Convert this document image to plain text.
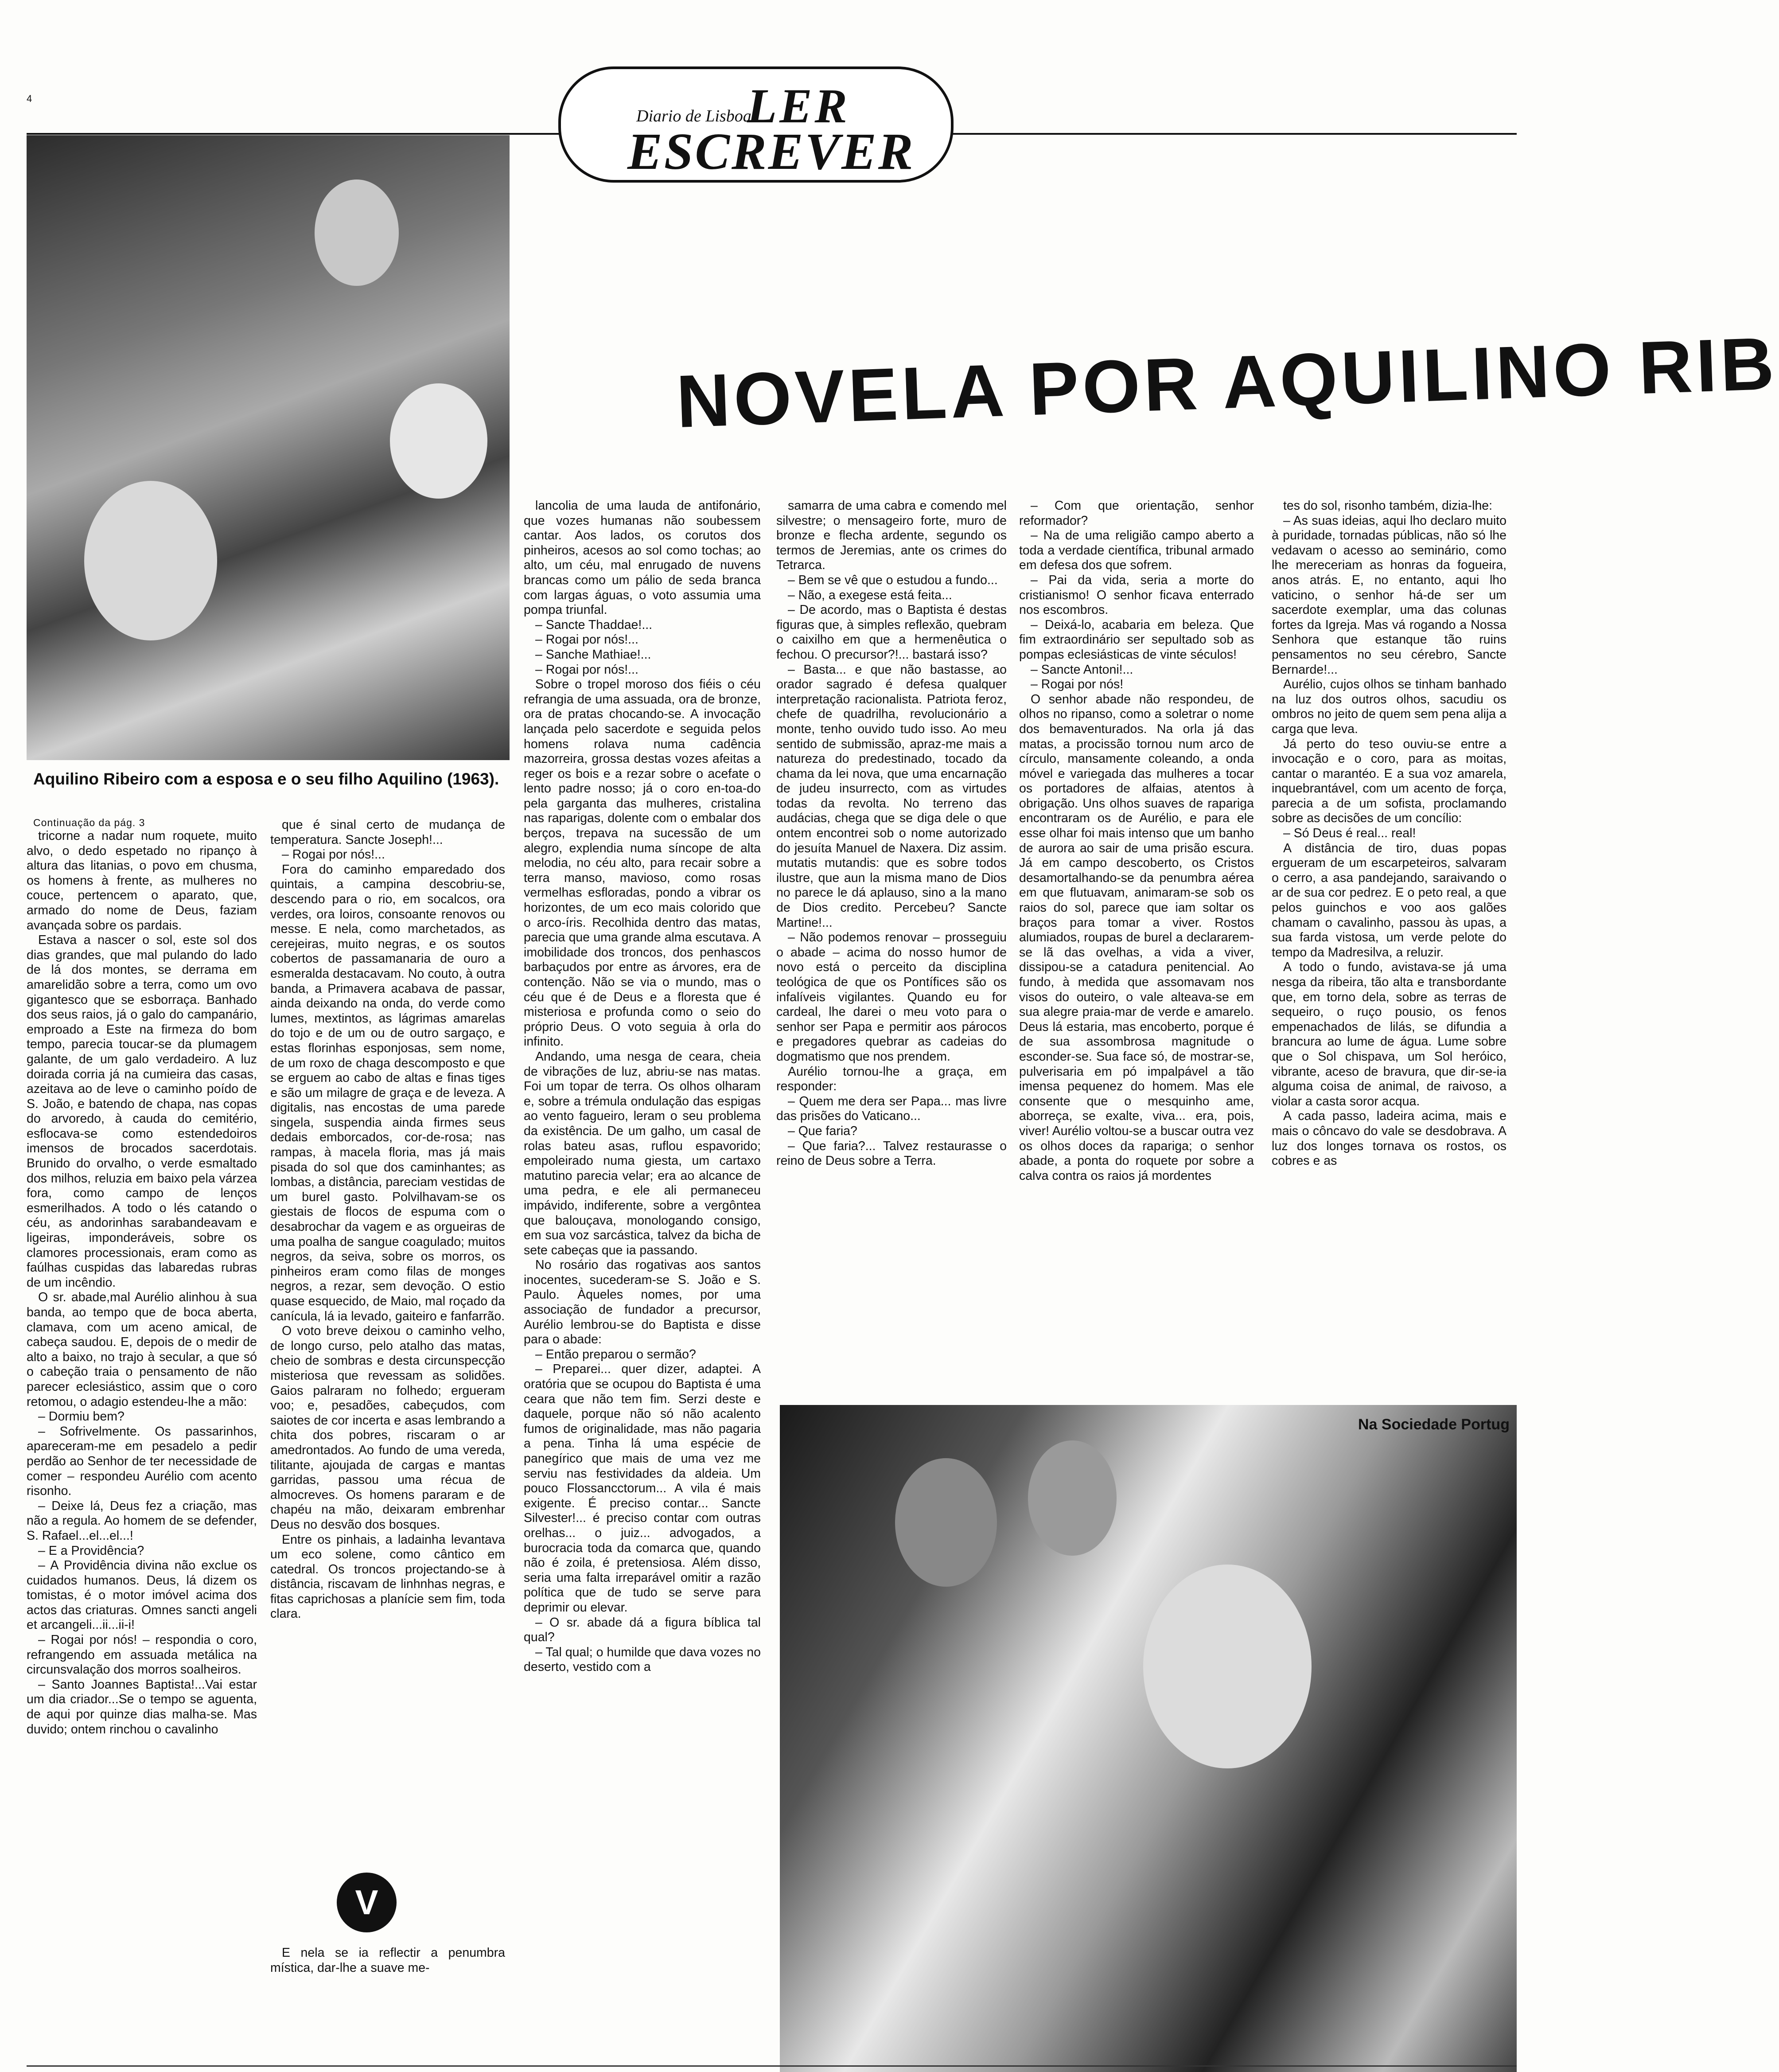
4
Diario de Lisboa
LER
ESCREVER
NOVELA POR AQUILINO RIB
Aquilino Ribeiro com a esposa e o seu filho Aquilino (1963).
Continuação da pág. 3

tricorne a nadar num roquete, muito alvo, o dedo espetado no ripanço à altura das litanias, o povo em chusma, os homens à frente, as mulheres no couce, pertencem o aparato, que, armado do nome de Deus, faziam avançada sobre os pardais.

Estava a nascer o sol, este sol dos dias grandes, que mal pulando do lado de lá dos montes, se derrama em amarelidão sobre a terra, como um ovo gigantesco que se esborraça. Banhado dos seus raios, já o galo do campanário, emproado a Este na firmeza do bom tempo, parecia toucar-se da plumagem galante, de um galo verdadeiro. A luz doirada corria já na cumieira das casas, azeitava ao de leve o caminho poído de S. João, e batendo de chapa, nas copas do arvoredo, à cauda do cemitério, esflocava-se como estendedoiros imensos de brocados sacerdotais. Brunido do orvalho, o verde esmaltado dos milhos, reluzia em baixo pela várzea fora, como campo de lenços esmerilhados. A todo o lés catando o céu, as andorinhas sarabandeavam e ligeiras, imponderáveis, sobre os clamores processionais, eram como as faúlhas cuspidas das labaredas rubras de um incêndio.

O sr. abade,mal Aurélio alinhou à sua banda, ao tempo que de boca aberta, clamava, com um aceno amical, de cabeça saudou. E, depois de o medir de alto a baixo, no trajo à secular, a que só o cabeção traia o pensamento de não parecer eclesiástico, assim que o coro retomou, o adagio estendeu-lhe a mão:

– Dormiu bem?

– Sofrivelmente. Os passarinhos, apareceram-me em pesadelo a pedir perdão ao Senhor de ter necessidade de comer – respondeu Aurélio com acento risonho.

– Deixe lá, Deus fez a criação, mas não a regula. Ao homem de se defender, S. Rafael...el...el...!

– E a Providência?

– A Providência divina não exclue os cuidados humanos. Deus, lá dizem os tomistas, é o motor imóvel acima dos actos das criaturas. Omnes sancti angeli et arcangeli...ii...ii-i!

– Rogai por nós! – respondia o coro, refrangendo em assuada metálica na circunsvalação dos morros soalheiros.

– Santo Joannes Baptista!...Vai estar um dia criador...Se o tempo se aguenta, de aqui por quinze dias malha-se. Mas duvido; ontem rinchou o cavalinho

que é sinal certo de mudança de temperatura. Sancte Joseph!...

– Rogai por nós!...

Fora do caminho emparedado dos quintais, a campina descobriu-se, descendo para o rio, em socalcos, ora verdes, ora loiros, consoante renovos ou messe. E nela, como marchetados, as cerejeiras, muito negras, e os soutos cobertos de passamanaria de ouro a esmeralda destacavam. No couto, à outra banda, a Primavera acabava de passar, ainda deixando na onda, do verde como lumes, mextintos, as lágrimas amarelas do tojo e de um ou de outro sargaço, e estas florinhas esponjosas, sem nome, de um roxo de chaga descomposto e que se erguem ao cabo de altas e finas tiges e são um milagre de graça e de leveza. A digitalis, nas encostas de uma parede singela, suspendia ainda firmes seus dedais emborcados, cor-de-rosa; nas rampas, à macela floria, mas já mais pisada do sol que dos caminhantes; as lombas, a distância, pareciam vestidas de um burel gasto. Polvilhavam-se os giestais de flocos de espuma com o desabrochar da vagem e as orgueiras de uma poalha de sangue coagulado; muitos negros, da seiva, sobre os morros, os pinheiros eram como filas de monges negros, a rezar, sem devoção. O estio quase esquecido, de Maio, mal roçado da canícula, lá ia levado, gaiteiro e fanfarrão.

O voto breve deixou o caminho velho, de longo curso, pelo atalho das matas, cheio de sombras e desta circunspecção misteriosa que revessam as solidões. Gaios palraram no folhedo; ergueram voo; e, pesadões, cabeçudos, com saiotes de cor incerta e asas lembrando a chita dos pobres, riscaram o ar amedrontados. Ao fundo de uma vereda, tilitante, ajoujada de cargas e mantas garridas, passou uma récua de almocreves. Os homens pararam e de chapéu na mão, deixaram embrenhar Deus no desvão dos bosques.

Entre os pinhais, a ladainha levantava um eco solene, como cântico em catedral. Os troncos projectando-se à distância, riscavam de linhnhas negras, e fitas caprichosas a planície sem fim, toda clara.

V

E nela se ia reflectir a penumbra mística, dar-lhe a suave me-

lancolia de uma lauda de antifonário, que vozes humanas não soubessem cantar. Aos lados, os corutos dos pinheiros, acesos ao sol como tochas; ao alto, um céu, mal enrugado de nuvens brancas como um pálio de seda branca com largas águas, o voto assumia uma pompa triunfal.

– Sancte Thaddae!...

– Rogai por nós!...

– Sanche Mathiae!...

– Rogai por nós!...

Sobre o tropel moroso dos fiéis o céu refrangia de uma assuada, ora de bronze, ora de pratas chocando-se. A invocação lançada pelo sacerdote e seguida pelos homens rolava numa cadência mazorreira, grossa destas vozes afeitas a reger os bois e a rezar sobre o acefate o lento padre nosso; já o coro en-toa-do pela garganta das mulheres, cristalina nas raparigas, dolente com o embalar dos berços, trepava na sucessão de um alegro, explendia numa síncope de alta melodia, no céu alto, para recair sobre a terra manso, mavioso, como rosas vermelhas esfloradas, pondo a vibrar os horizontes, de um eco mais colorido que o arco-íris. Recolhida dentro das matas, parecia que uma grande alma escutava. A imobilidade dos troncos, dos penhascos barbaçudos por entre as árvores, era de contenção. Não se via o mundo, mas o céu que é de Deus e a floresta que é misteriosa e profunda como o seio do próprio Deus. O voto seguia à orla do infinito.

Andando, uma nesga de ceara, cheia de vibrações de luz, abriu-se nas matas. Foi um topar de terra. Os olhos olharam e, sobre a trémula ondulação das espigas ao vento fagueiro, leram o seu problema da existência. De um galho, um casal de rolas bateu asas, ruflou espavorido; empoleirado numa giesta, um cartaxo matutino parecia velar; era ao alcance de uma pedra, e ele ali permaneceu impávido, indiferente, sobre a vergôntea que balouçava, monologando consigo, em sua voz sarcástica, talvez da bicha de sete cabeças que ia passando.

No rosário das rogativas aos santos inocentes, sucederam-se S. João e S. Paulo. Àqueles nomes, por uma associação de fundador a precursor, Aurélio lembrou-se do Baptista e disse para o abade:

– Então preparou o sermão?

– Preparei... quer dizer, adaptei. A oratória que se ocupou do Baptista é uma ceara que não tem fim. Serzi deste e daquele, porque não só não acalento fumos de originalidade, mas não pagaria a pena. Tinha lá uma espécie de panegírico que mais de uma vez me serviu nas festividades da aldeia. Um pouco Flossancctorum... A vila é mais exigente. É preciso contar... Sancte Silvester!... é preciso contar com outras orelhas... o juiz... advogados, a burocracia toda da comarca que, quando não é zoila, é pretensiosa. Além disso, seria uma falta irreparável omitir a razão política que de tudo se serve para deprimir ou elevar.

– O sr. abade dá a figura bíblica tal qual?

– Tal qual; o humilde que dava vozes no deserto, vestido com a

samarra de uma cabra e comendo mel silvestre; o mensageiro forte, muro de bronze e flecha ardente, segundo os termos de Jeremias, ante os crimes do Tetrarca.

– Bem se vê que o estudou a fundo...

– Não, a exegese está feita...

– De acordo, mas o Baptista é destas figuras que, à simples reflexão, quebram o caixilho em que a hermenêutica o fechou. O precursor?!... bastará isso?

– Basta... e que não bastasse, ao orador sagrado é defesa qualquer interpretação racionalista. Patriota feroz, chefe de quadrilha, revolucionário a monte, tenho ouvido tudo isso. Ao meu sentido de submissão, apraz-me mais a natureza do predestinado, tocado da chama da lei nova, que uma encarnação de judeu insurrecto, com as virtudes todas da revolta. No terreno das audácias, chega que se diga dele o que ontem encontrei sob o nome autorizado do jesuíta Manuel de Naxera. Diz assim. mutatis mutandis: que es sobre todos ilustre, que aun la misma mano de Dios no parece le dá aplauso, sino a la mano de Dios credito. Percebeu? Sancte Martine!...

– Não podemos renovar – prosseguiu o abade – acima do nosso humor de novo está o perceito da disciplina teológica de que os Pontífices são os infalíveis vigilantes. Quando eu for cardeal, lhe darei o meu voto para o senhor ser Papa e permitir aos párocos e pregadores quebrar as cadeias do dogmatismo que nos prendem.

Aurélio tornou-lhe a graça, em responder:

– Quem me dera ser Papa... mas livre das prisões do Vaticano...

– Que faria?

– Que faria?... Talvez restaurasse o reino de Deus sobre a Terra.

– Com que orientação, senhor reformador?

– Na de uma religião campo aberto a toda a verdade científica, tribunal armado em defesa dos que sofrem.

– Pai da vida, seria a morte do cristianismo! O senhor ficava enterrado nos escombros.

– Deixá-lo, acabaria em beleza. Que fim extraordinário ser sepultado sob as pompas eclesiásticas de vinte séculos!

– Sancte Antoni!...

– Rogai por nós!

O senhor abade não respondeu, de olhos no ripanso, como a soletrar o nome dos bemaventurados. Na orla já das matas, a procissão tornou num arco de círculo, mansamente coleando, a onda móvel e variegada das mulheres a tocar os portadores de alfaias, atentos à obrigação. Uns olhos suaves de rapariga encontraram os de Aurélio, e para ele esse olhar foi mais intenso que um banho de aurora ao sair de uma prisão escura. Já em campo descoberto, os Cristos desamortalhando-se da penumbra aérea em que flutuavam, animaram-se sob os raios do sol, parece que iam soltar os braços para tomar a viver. Rostos alumiados, roupas de burel a declararem-se lã das ovelhas, a vida a viver, dissipou-se a catadura penitencial. Ao fundo, à medida que assomavam nos visos do outeiro, o vale alteava-se em sua alegre praia-mar de verde e amarelo. Deus lá estaria, mas encoberto, porque é de sua assombrosa magnitude o esconder-se. Sua face só, de mostrar-se, pulverisaria em pó impalpável a tão imensa pequenez do homem. Mas ele consente que o mesquinho ame, aborreça, se exalte, viva... era, pois, viver! Aurélio voltou-se a buscar outra vez os olhos doces da rapariga; o senhor abade, a ponta do roquete por sobre a calva contra os raios já mordentes

tes do sol, risonho também, dizia-lhe:

– As suas ideias, aqui lho declaro muito à puridade, tornadas públicas, não só lhe vedavam o acesso ao seminário, como lhe mereceriam as honras da fogueira, anos atrás. E, no entanto, aqui lho vaticino, o senhor há-de ser um sacerdote exemplar, uma das colunas fortes da Igreja. Mas vá rogando a Nossa Senhora que estanque tão ruins pensamentos no seu cérebro, Sancte Bernarde!...

Aurélio, cujos olhos se tinham banhado na luz dos outros olhos, sacudiu os ombros no jeito de quem sem pena alija a carga que leva.

Já perto do teso ouviu-se entre a invocação e o coro, para as moitas, cantar o marantéo. E a sua voz amarela, inquebrantável, com um acento de força, parecia a de um sofista, proclamando sobre as decisões de um concílio:

– Só Deus é real... real!

A distância de tiro, duas popas ergueram de um escarpeteiros, salvaram o cerro, a asa pandejando, saraivando o ar de sua cor pedrez. E o peto real, a que pelos guinchos e voo aos galões chamam o cavalinho, passou às upas, a sua farda vistosa, um verde pelote do tempo da Madresilva, a reluzir.

A todo o fundo, avistava-se já uma nesga da ribeira, tão alta e transbordante que, em torno dela, sobre as terras de sequeiro, o ruço pousio, os fenos empenachados de lilás, se difundia a brancura ao lume de água. Lume sobre que o Sol chispava, um Sol heróico, vibrante, aceso de bravura, que dir-se-ia alguma coisa de animal, de raivoso, a violar a casta soror acqua.

A cada passo, ladeira acima, mais e mais o côncavo do vale se desdobrava. A luz dos longes tornava os rostos, os cobres e as

Na Sociedade Portug
